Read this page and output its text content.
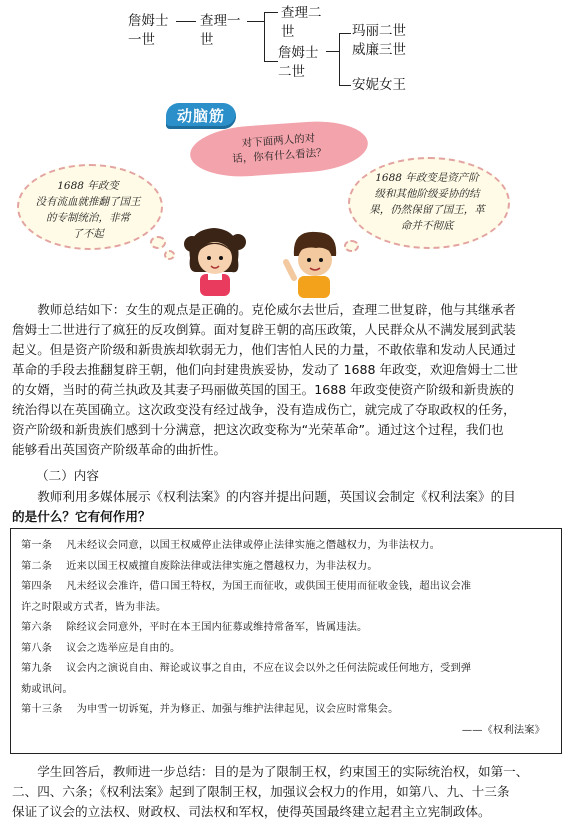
詹姆士
一世
查理一
世
查理二
世
詹姆士
二世
玛丽二世
威廉三世
安妮女王
动脑筋
对下面两人的对
话，你有什么看法？
1688 年政变
没有流血就推翻了国王
的专制统治，非常
了不起
1688 年政变是资产阶
级和其他阶级妥协的结
果，仍然保留了国王，革
命并不彻底
教师总结如下：女生的观点是正确的。克伦威尔去世后，查理二世复辟，他与其继承者
詹姆士二世进行了疯狂的反攻倒算。面对复辟王朝的高压政策，人民群众从不满发展到武装
起义。但是资产阶级和新贵族却软弱无力，他们害怕人民的力量，不敢依靠和发动人民通过
革命的手段去推翻复辟王朝，他们向封建贵族妥协，发动了 1688 年政变，欢迎詹姆士二世
的女婿，当时的荷兰执政及其妻子玛丽做英国的国王。1688 年政变使资产阶级和新贵族的
统治得以在英国确立。这次政变没有经过战争，没有造成伤亡，就完成了夺取政权的任务，
资产阶级和新贵族们感到十分满意，把这次政变称为“光荣革命”。通过这个过程，我们也
能够看出英国资产阶级革命的曲折性。
（二）内容
教师利用多媒体展示《权利法案》的内容并提出问题，英国议会制定《权利法案》的目
的是什么？它有何作用？
第一条 凡未经议会同意，以国王权威停止法律或停止法律实施之僭越权力，为非法权力。
第二条 近来以国王权威擅自废除法律或法律实施之僭越权力，为非法权力。
第四条 凡未经议会准许，借口国王特权，为国王而征收，或供国王使用而征收金钱，超出议会准
许之时限或方式者，皆为非法。
第六条 除经议会同意外，平时在本王国内征募或维持常备军，皆属违法。
第八条 议会之选举应是自由的。
第九条 议会内之演说自由、辩论或议事之自由，不应在议会以外之任何法院或任何地方，受到弹
劾或讯问。
第十三条 为申雪一切诉冤，并为修正、加强与维护法律起见，议会应时常集会。
——《权利法案》
学生回答后，教师进一步总结：目的是为了限制王权，约束国王的实际统治权，如第一、
二、四、六条；《权利法案》起到了限制王权，加强议会权力的作用，如第八、九、十三条
保证了议会的立法权、财政权、司法权和军权，使得英国最终建立起君主立宪制政体。
